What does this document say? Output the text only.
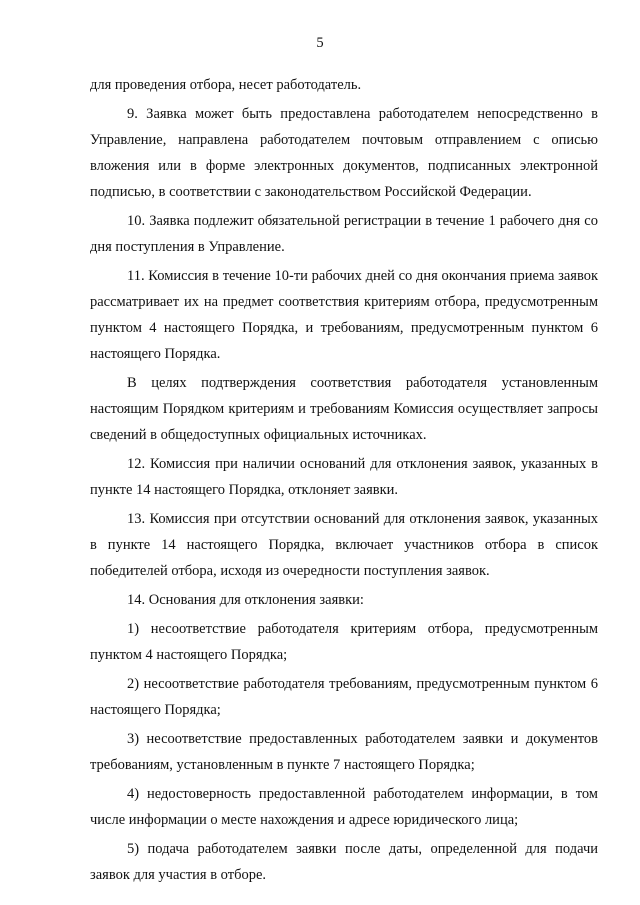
5

для проведения отбора, несет работодатель.

9. Заявка может быть предоставлена работодателем непосредственно в Управление, направлена работодателем почтовым отправлением с описью вложения или в форме электронных документов, подписанных электронной подписью, в соответствии с законодательством Российской Федерации.

10. Заявка подлежит обязательной регистрации в течение 1 рабочего дня со дня поступления в Управление.

11. Комиссия в течение 10-ти рабочих дней со дня окончания приема заявок рассматривает их на предмет соответствия критериям отбора, предусмотренным пунктом 4 настоящего Порядка, и требованиям, предусмотренным пунктом 6 настоящего Порядка.

В целях подтверждения соответствия работодателя установленным настоящим Порядком критериям и требованиям Комиссия осуществляет запросы сведений в общедоступных официальных источниках.

12. Комиссия при наличии оснований для отклонения заявок, указанных в пункте 14 настоящего Порядка, отклоняет заявки.

13. Комиссия при отсутствии оснований для отклонения заявок, указанных в пункте 14 настоящего Порядка, включает участников отбора в список победителей отбора, исходя из очередности поступления заявок.

14. Основания для отклонения заявки:

1) несоответствие работодателя критериям отбора, предусмотренным пунктом 4 настоящего Порядка;

2) несоответствие работодателя требованиям, предусмотренным пунктом 6 настоящего Порядка;

3) несоответствие предоставленных работодателем заявки и документов требованиям, установленным в пункте 7 настоящего Порядка;

4) недостоверность предоставленной работодателем информации, в том числе информации о месте нахождения и адресе юридического лица;

5) подача работодателем заявки после даты, определенной для подачи заявок для участия в отборе.
